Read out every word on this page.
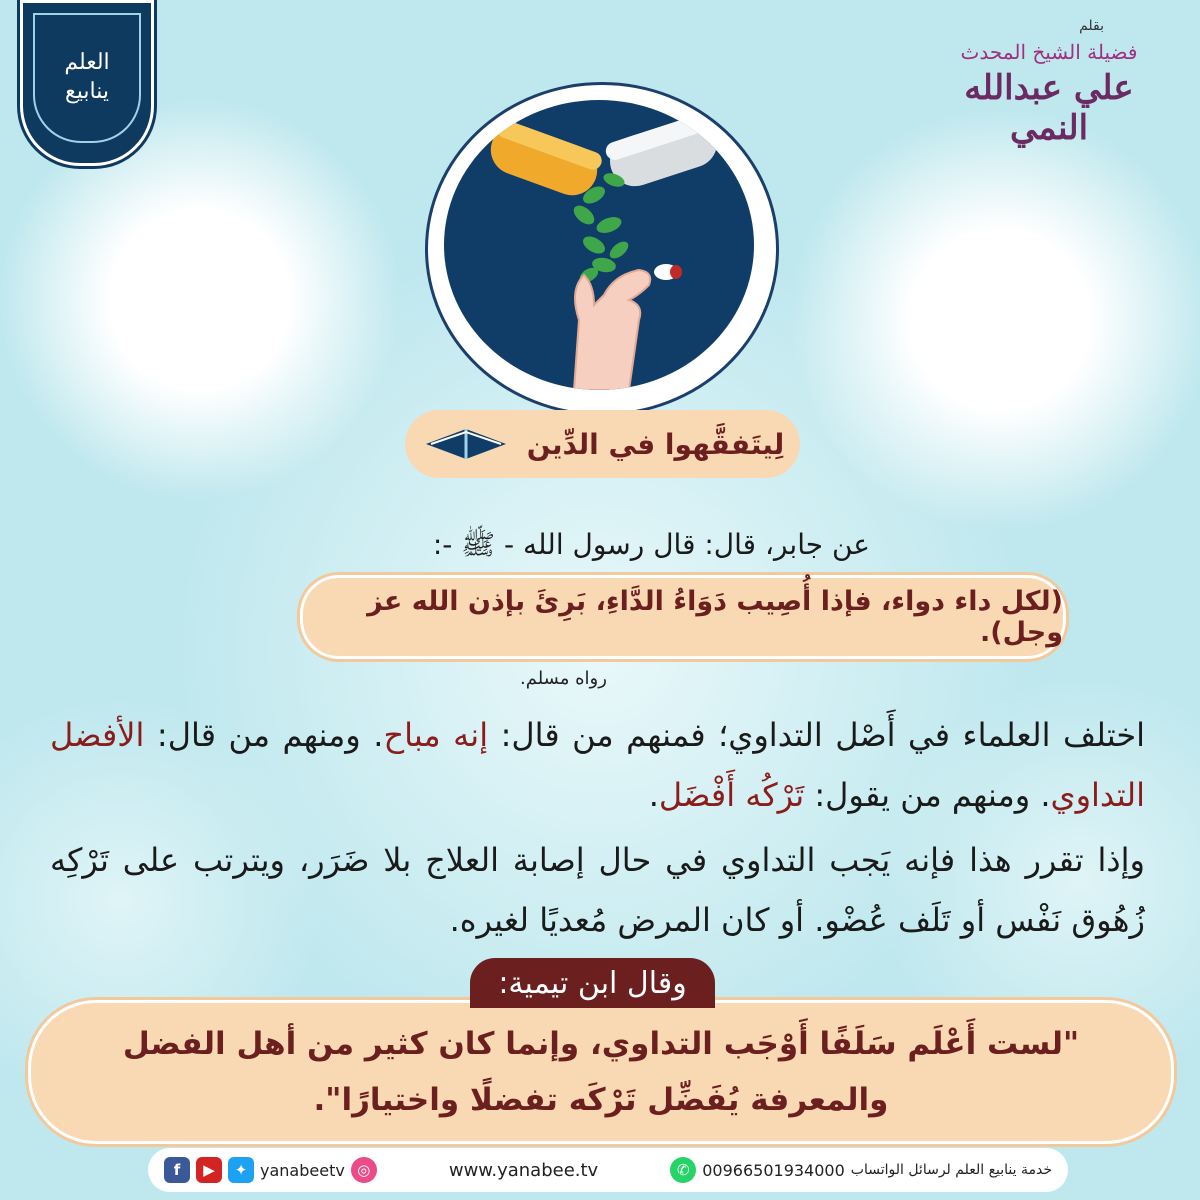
العلم
ينابيع
بقلم
فضيلة الشيخ المحدث
علي عبدالله النمي
لِيتَفقَّهوا في الدِّين
عن جابر، قال: قال رسول الله - ﷺ -:
(لكل داء دواء، فإذا أُصِيب دَوَاءُ الدَّاءِ، بَرِئَ بإذن الله عز وجل).
رواه مسلم.
اختلف العلماء في أَصْل التداوي؛ فمنهم من قال: إنه مباح. ومنهم من قال: الأفضل التداوي. ومنهم من يقول: تَرْكُه أَفْضَل.
وإذا تقرر هذا فإنه يَجب التداوي في حال إصابة العلاج بلا ضَرَر، ويترتب على تَرْكِه زُهُوق نَفْس أو تَلَف عُضْو. أو كان المرض مُعديًا لغيره.
وقال ابن تيمية:
"لست أَعْلَم سَلَفًا أَوْجَب التداوي، وإنما كان كثير من أهل الفضل والمعرفة يُفَضِّل تَرْكَه تفضلًا واختيارًا".
f	▶	✦ yanabeetv ◎	www.yanabee.tv	✆ 00966501934000 خدمة ينابيع العلم لرسائل الواتساب
